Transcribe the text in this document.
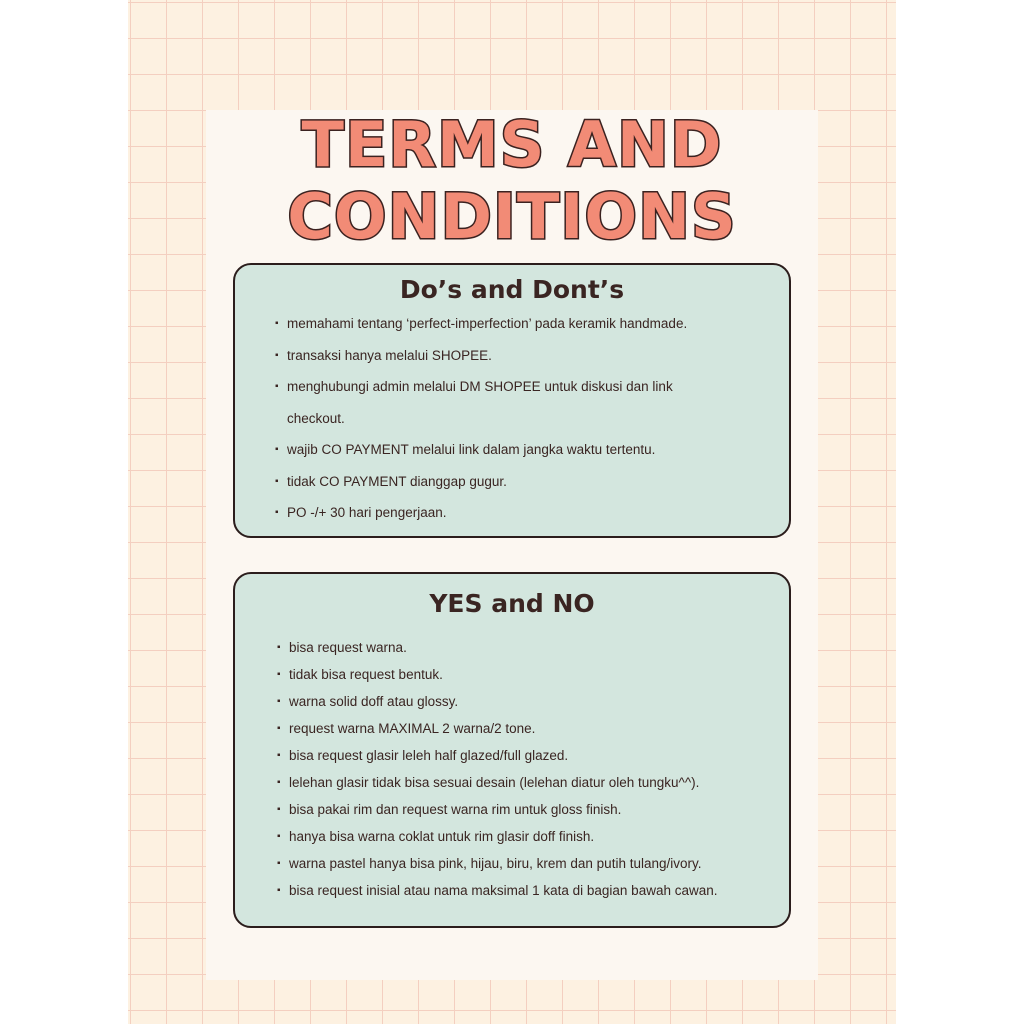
TERMS AND
CONDITIONS
Do’s and Dont’s
▪ memahami tentang ‘perfect-imperfection’ pada keramik handmade.
▪ transaksi hanya melalui SHOPEE.
▪ menghubungi admin melalui DM SHOPEE untuk diskusi dan link
checkout.
▪ wajib CO PAYMENT melalui link dalam jangka waktu tertentu.
▪ tidak CO PAYMENT dianggap gugur.
▪ PO -/+ 30 hari pengerjaan.
YES and NO
▪ bisa request warna.
▪ tidak bisa request bentuk.
▪ warna solid doff atau glossy.
▪ request warna MAXIMAL 2 warna/2 tone.
▪ bisa request glasir leleh half glazed/full glazed.
▪ lelehan glasir tidak bisa sesuai desain (lelehan diatur oleh tungku^^).
▪ bisa pakai rim dan request warna rim untuk gloss finish.
▪ hanya bisa warna coklat untuk rim glasir doff finish.
▪ warna pastel hanya bisa pink, hijau, biru, krem dan putih tulang/ivory.
▪ bisa request inisial atau nama maksimal 1 kata di bagian bawah cawan.
